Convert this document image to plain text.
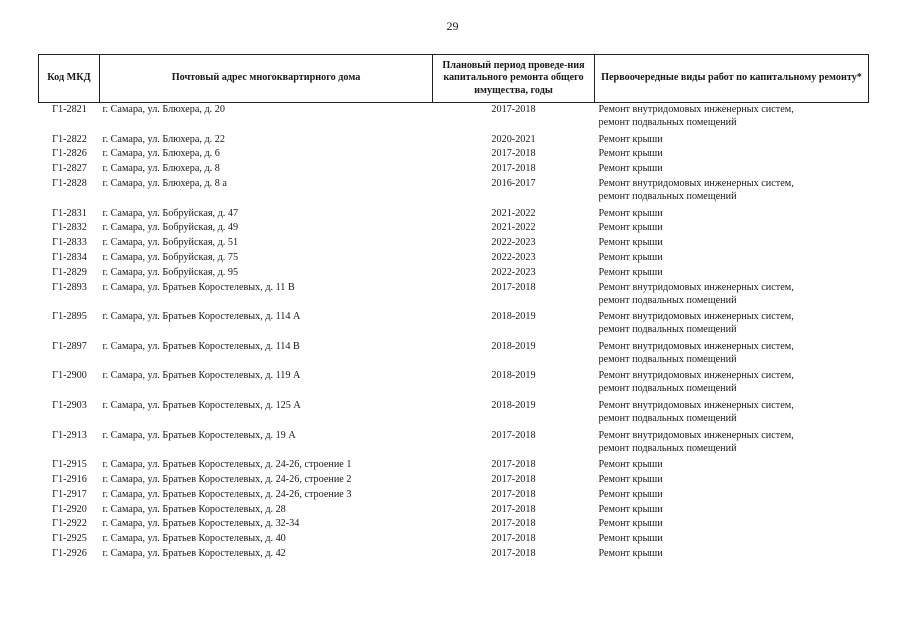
29
Код МКД	Почтовый адрес многоквартирного дома	Плановый период проведе-ния капитального ремонта общего имущества, годы	Первоочередные виды работ по капитальному ремонту*
Г1-2821	г. Самара, ул. Блюхера, д. 20	2017-2018	Ремонт внутридомовых инженерных систем,
ремонт подвальных помещений

Г1-2822	г. Самара, ул. Блюхера, д. 22	2020-2021	Ремонт крыши

Г1-2826	г. Самара, ул. Блюхера, д. 6	2017-2018	Ремонт крыши

Г1-2827	г. Самара, ул. Блюхера, д. 8	2017-2018	Ремонт крыши

Г1-2828	г. Самара, ул. Блюхера, д. 8 а	2016-2017	Ремонт внутридомовых инженерных систем,
ремонт подвальных помещений

Г1-2831	г. Самара, ул. Бобруйская, д. 47	2021-2022	Ремонт крыши

Г1-2832	г. Самара, ул. Бобруйская, д. 49	2021-2022	Ремонт крыши

Г1-2833	г. Самара, ул. Бобруйская, д. 51	2022-2023	Ремонт крыши

Г1-2834	г. Самара, ул. Бобруйская, д. 75	2022-2023	Ремонт крыши

Г1-2829	г. Самара, ул. Бобруйская, д. 95	2022-2023	Ремонт крыши

Г1-2893	г. Самара, ул. Братьев Коростелевых, д. 11 В	2017-2018	Ремонт внутридомовых инженерных систем,
ремонт подвальных помещений

Г1-2895	г. Самара, ул. Братьев Коростелевых, д. 114 А	2018-2019	Ремонт внутридомовых инженерных систем,
ремонт подвальных помещений

Г1-2897	г. Самара, ул. Братьев Коростелевых, д. 114 В	2018-2019	Ремонт внутридомовых инженерных систем,
ремонт подвальных помещений

Г1-2900	г. Самара, ул. Братьев Коростелевых, д. 119 А	2018-2019	Ремонт внутридомовых инженерных систем,
ремонт подвальных помещений

Г1-2903	г. Самара, ул. Братьев Коростелевых, д. 125 А	2018-2019	Ремонт внутридомовых инженерных систем,
ремонт подвальных помещений

Г1-2913	г. Самара, ул. Братьев Коростелевых, д. 19 А	2017-2018	Ремонт внутридомовых инженерных систем,
ремонт подвальных помещений

Г1-2915	г. Самара, ул. Братьев Коростелевых, д. 24-26, строение 1	2017-2018	Ремонт крыши

Г1-2916	г. Самара, ул. Братьев Коростелевых, д. 24-26, строение 2	2017-2018	Ремонт крыши

Г1-2917	г. Самара, ул. Братьев Коростелевых, д. 24-26, строение 3	2017-2018	Ремонт крыши

Г1-2920	г. Самара, ул. Братьев Коростелевых, д. 28	2017-2018	Ремонт крыши

Г1-2922	г. Самара, ул. Братьев Коростелевых, д. 32-34	2017-2018	Ремонт крыши

Г1-2925	г. Самара, ул. Братьев Коростелевых, д. 40	2017-2018	Ремонт крыши

Г1-2926	г. Самара, ул. Братьев Коростелевых, д. 42	2017-2018	Ремонт крыши
